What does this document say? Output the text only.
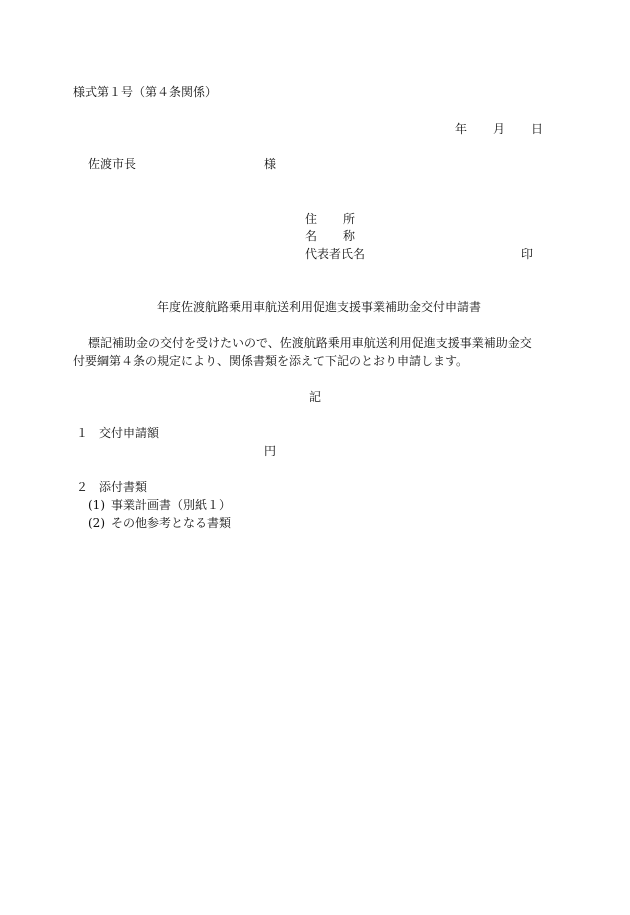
様式第１号（第４条関係）
年 月 日
佐渡市長	様
住 所
名 称
代表者氏名	印
年度佐渡航路乗用車航送利用促進支援事業補助金交付申請書
標記補助金の交付を受けたいので、佐渡航路乗用車航送利用促進支援事業補助金交
付要綱第４条の規定により、関係書類を添えて下記のとおり申請します。
記
１ 交付申請額
円
２ 添付書類
(1) 事業計画書（別紙１）
(2) その他参考となる書類
